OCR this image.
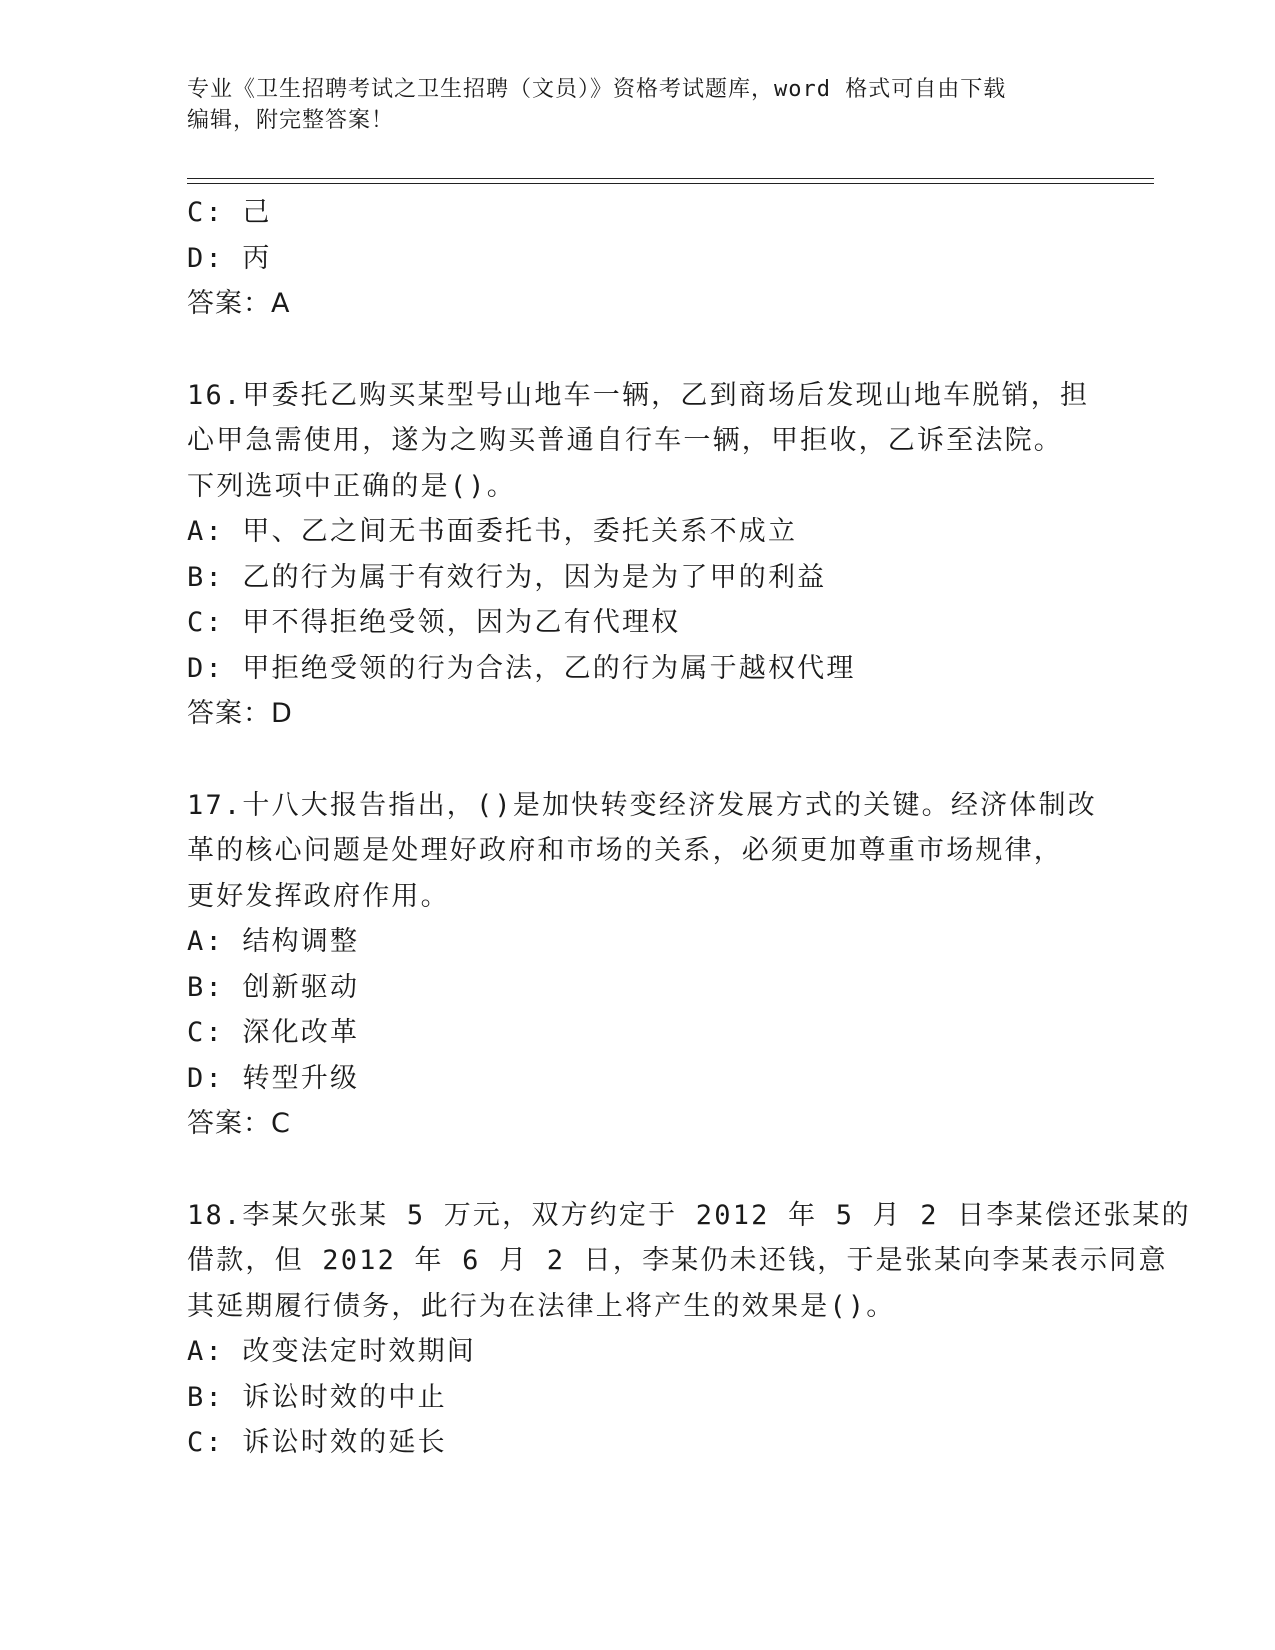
专业《卫生招聘考试之卫生招聘（文员）》资格考试题库，word 格式可自由下载
编辑，附完整答案！
C: 己
D: 丙
答案：A
16.甲委托乙购买某型号山地车一辆，乙到商场后发现山地车脱销，担
心甲急需使用，遂为之购买普通自行车一辆，甲拒收，乙诉至法院。
下列选项中正确的是()。
A: 甲、乙之间无书面委托书，委托关系不成立
B: 乙的行为属于有效行为，因为是为了甲的利益
C: 甲不得拒绝受领，因为乙有代理权
D: 甲拒绝受领的行为合法，乙的行为属于越权代理
答案：D
17.十八大报告指出，()是加快转变经济发展方式的关键。经济体制改
革的核心问题是处理好政府和市场的关系，必须更加尊重市场规律，
更好发挥政府作用。
A: 结构调整
B: 创新驱动
C: 深化改革
D: 转型升级
答案：C
18.李某欠张某 5 万元，双方约定于 2012 年 5 月 2 日李某偿还张某的
借款，但 2012 年 6 月 2 日，李某仍未还钱，于是张某向李某表示同意
其延期履行债务，此行为在法律上将产生的效果是()。
A: 改变法定时效期间
B: 诉讼时效的中止
C: 诉讼时效的延长
